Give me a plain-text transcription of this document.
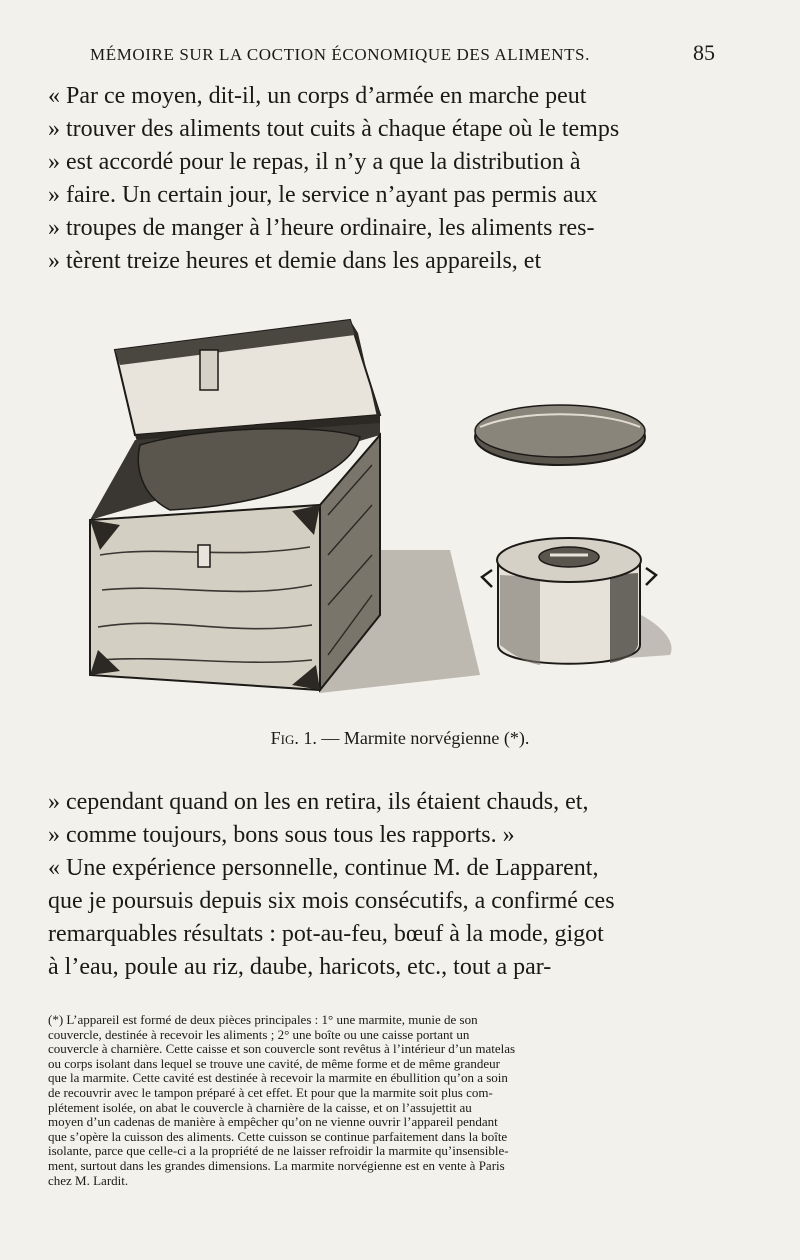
MÉMOIRE SUR LA COCTION ÉCONOMIQUE DES ALIMENTS.	85

« Par ce moyen, dit-il, un corps d’armée en marche peut
» trouver des aliments tout cuits à chaque étape où le temps
» est accordé pour le repas, il n’y a que la distribution à
» faire. Un certain jour, le service n’ayant pas permis aux
» troupes de manger à l’heure ordinaire, les aliments res-
» tèrent treize heures et demie dans les appareils, et

Fig. 1. — Marmite norvégienne (*).

» cependant quand on les en retira, ils étaient chauds, et,
» comme toujours, bons sous tous les rapports. »
« Une expérience personnelle, continue M. de Lapparent,
que je poursuis depuis six mois consécutifs, a confirmé ces
remarquables résultats : pot-au-feu, bœuf à la mode, gigot
à l’eau, poule au riz, daube, haricots, etc., tout a par-

(*) L’appareil est formé de deux pièces principales : 1° une marmite, munie de son
couvercle, destinée à recevoir les aliments ; 2° une boîte ou une caisse portant un
couvercle à charnière. Cette caisse et son couvercle sont revêtus à l’intérieur d’un matelas
ou corps isolant dans lequel se trouve une cavité, de même forme et de même grandeur
que la marmite. Cette cavité est destinée à recevoir la marmite en ébullition qu’on a soin
de recouvrir avec le tampon préparé à cet effet. Et pour que la marmite soit plus com-
plétement isolée, on abat le couvercle à charnière de la caisse, et on l’assujettit au
moyen d’un cadenas de manière à empêcher qu’on ne vienne ouvrir l’appareil pendant
que s’opère la cuisson des aliments. Cette cuisson se continue parfaitement dans la boîte
isolante, parce que celle-ci a la propriété de ne laisser refroidir la marmite qu’insensible-
ment, surtout dans les grandes dimensions. La marmite norvégienne est en vente à Paris
chez M. Lardit.
